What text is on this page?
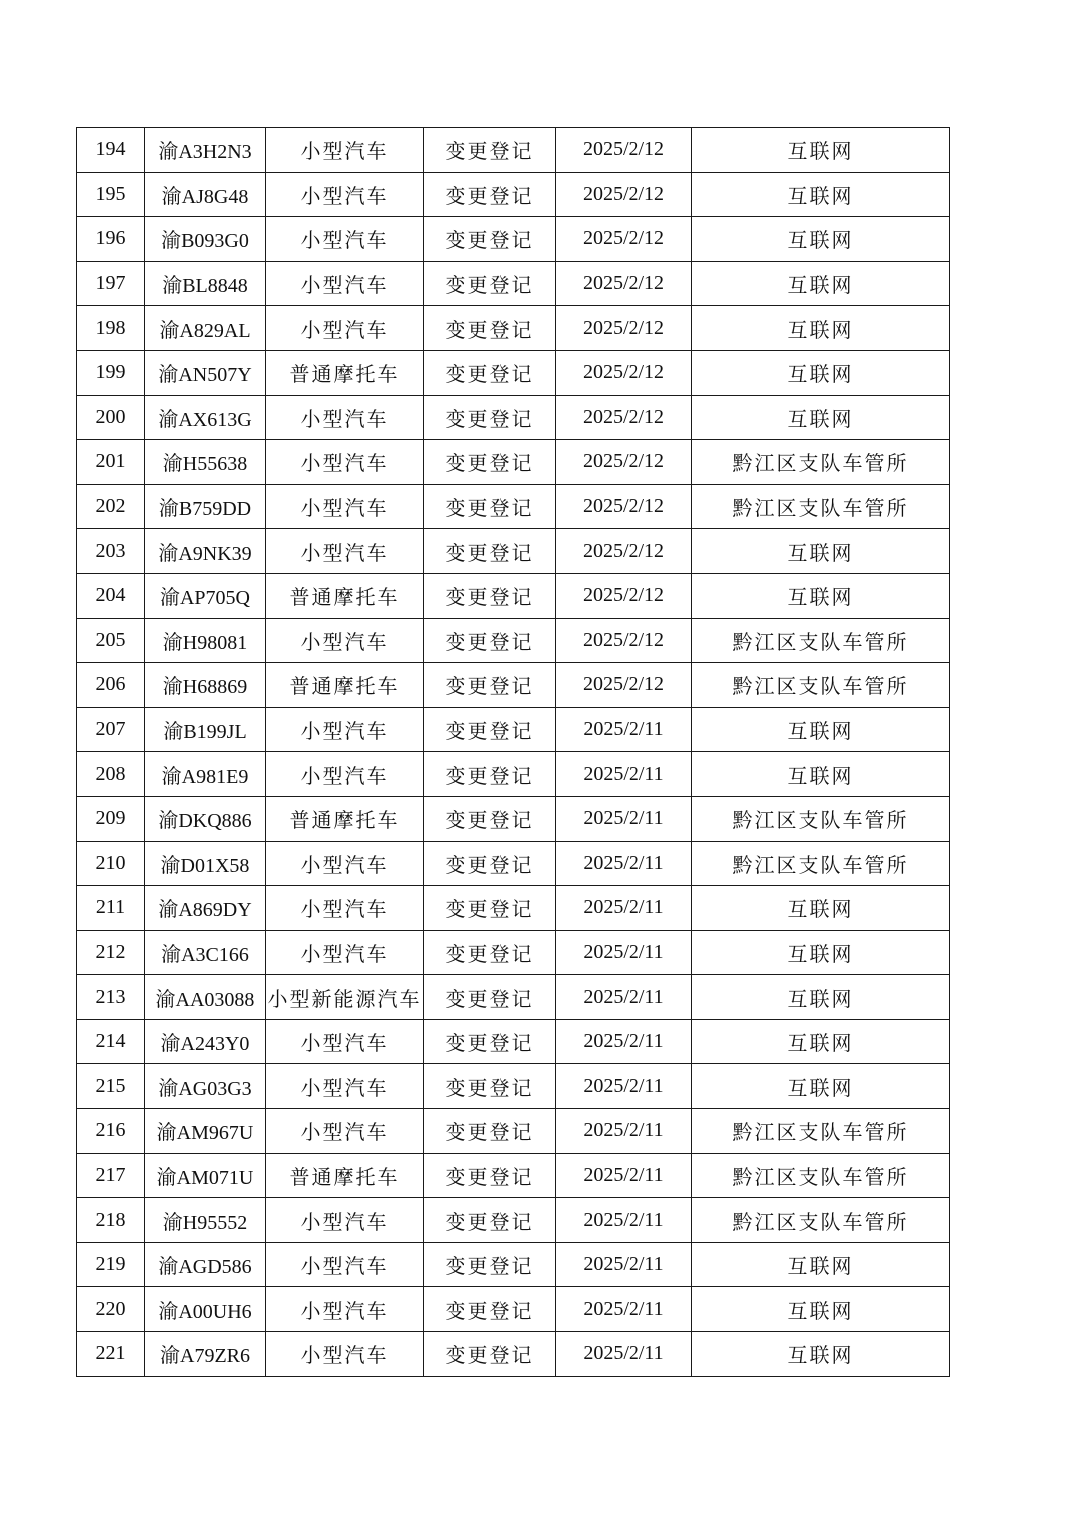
194	渝A3H2N3	小型汽车	变更登记	2025/2/12	互联网
195	渝AJ8G48	小型汽车	变更登记	2025/2/12	互联网
196	渝B093G0	小型汽车	变更登记	2025/2/12	互联网
197	渝BL8848	小型汽车	变更登记	2025/2/12	互联网
198	渝A829AL	小型汽车	变更登记	2025/2/12	互联网
199	渝AN507Y	普通摩托车	变更登记	2025/2/12	互联网
200	渝AX613G	小型汽车	变更登记	2025/2/12	互联网
201	渝H55638	小型汽车	变更登记	2025/2/12	黔江区支队车管所
202	渝B759DD	小型汽车	变更登记	2025/2/12	黔江区支队车管所
203	渝A9NK39	小型汽车	变更登记	2025/2/12	互联网
204	渝AP705Q	普通摩托车	变更登记	2025/2/12	互联网
205	渝H98081	小型汽车	变更登记	2025/2/12	黔江区支队车管所
206	渝H68869	普通摩托车	变更登记	2025/2/12	黔江区支队车管所
207	渝B199JL	小型汽车	变更登记	2025/2/11	互联网
208	渝A981E9	小型汽车	变更登记	2025/2/11	互联网
209	渝DKQ886	普通摩托车	变更登记	2025/2/11	黔江区支队车管所
210	渝D01X58	小型汽车	变更登记	2025/2/11	黔江区支队车管所
211	渝A869DY	小型汽车	变更登记	2025/2/11	互联网
212	渝A3C166	小型汽车	变更登记	2025/2/11	互联网
213	渝AA03088	小型新能源汽车	变更登记	2025/2/11	互联网
214	渝A243Y0	小型汽车	变更登记	2025/2/11	互联网
215	渝AG03G3	小型汽车	变更登记	2025/2/11	互联网
216	渝AM967U	小型汽车	变更登记	2025/2/11	黔江区支队车管所
217	渝AM071U	普通摩托车	变更登记	2025/2/11	黔江区支队车管所
218	渝H95552	小型汽车	变更登记	2025/2/11	黔江区支队车管所
219	渝AGD586	小型汽车	变更登记	2025/2/11	互联网
220	渝A00UH6	小型汽车	变更登记	2025/2/11	互联网
221	渝A79ZR6	小型汽车	变更登记	2025/2/11	互联网
